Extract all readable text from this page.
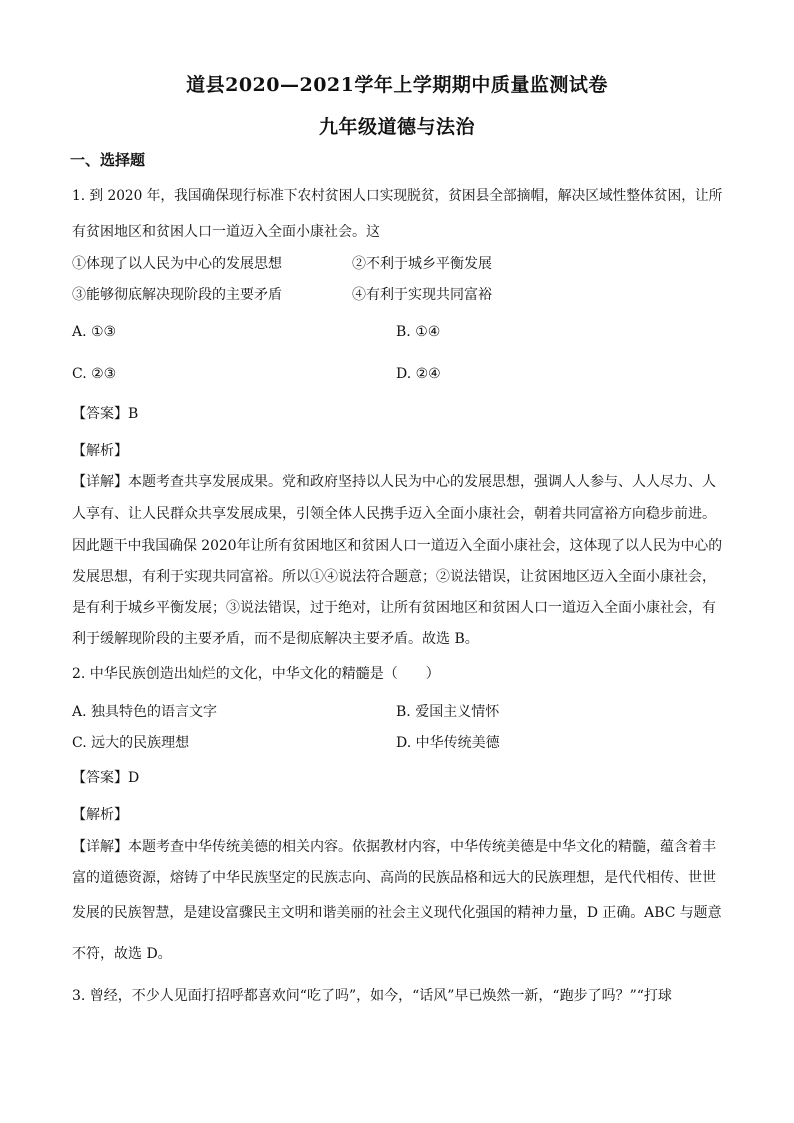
道县2020—2021学年上学期期中质量监测试卷
九年级道德与法治
一、选择题
1. 到 2020 年，我国确保现行标准下农村贫困人口实现脱贫，贫困县全部摘帽，解决区域性整体贫困，让所
有贫困地区和贫困人口一道迈入全面小康社会。这
①体现了以人民为中心的发展思想	②不利于城乡平衡发展
③能够彻底解决现阶段的主要矛盾	④有利于实现共同富裕
A. ①③	B. ①④
C. ②③	D. ②④
【答案】B
【解析】
【详解】本题考查共享发展成果。党和政府坚持以人民为中心的发展思想，强调人人参与、人人尽力、人
人享有、让人民群众共享发展成果，引领全体人民携手迈入全面小康社会，朝着共同富裕方向稳步前进。
因此题干中我国确保 2020年让所有贫困地区和贫困人口一道迈入全面小康社会，这体现了以人民为中心的
发展思想，有利于实现共同富裕。所以①④说法符合题意；②说法错误，让贫困地区迈入全面小康社会，
是有利于城乡平衡发展；③说法错误，过于绝对，让所有贫困地区和贫困人口一道迈入全面小康社会，有
利于缓解现阶段的主要矛盾，而不是彻底解决主要矛盾。故选 B。
2. 中华民族创造出灿烂的文化，中华文化的精髓是（　　）
A. 独具特色的语言文字	B. 爱国主义情怀
C. 远大的民族理想	D. 中华传统美德
【答案】D
【解析】
【详解】本题考查中华传统美德的相关内容。依据教材内容，中华传统美德是中华文化的精髓，蕴含着丰
富的道德资源，熔铸了中华民族坚定的民族志向、高尚的民族品格和远大的民族理想，是代代相传、世世
发展的民族智慧，是建设富骤民主文明和谐美丽的社会主义现代化强国的精神力量，D 正确。ABC 与题意
不符，故选 D。
3. 曾经，不少人见面打招呼都喜欢问“吃了吗”，如今，“话风”早已焕然一新，“跑步了吗？”“打球
